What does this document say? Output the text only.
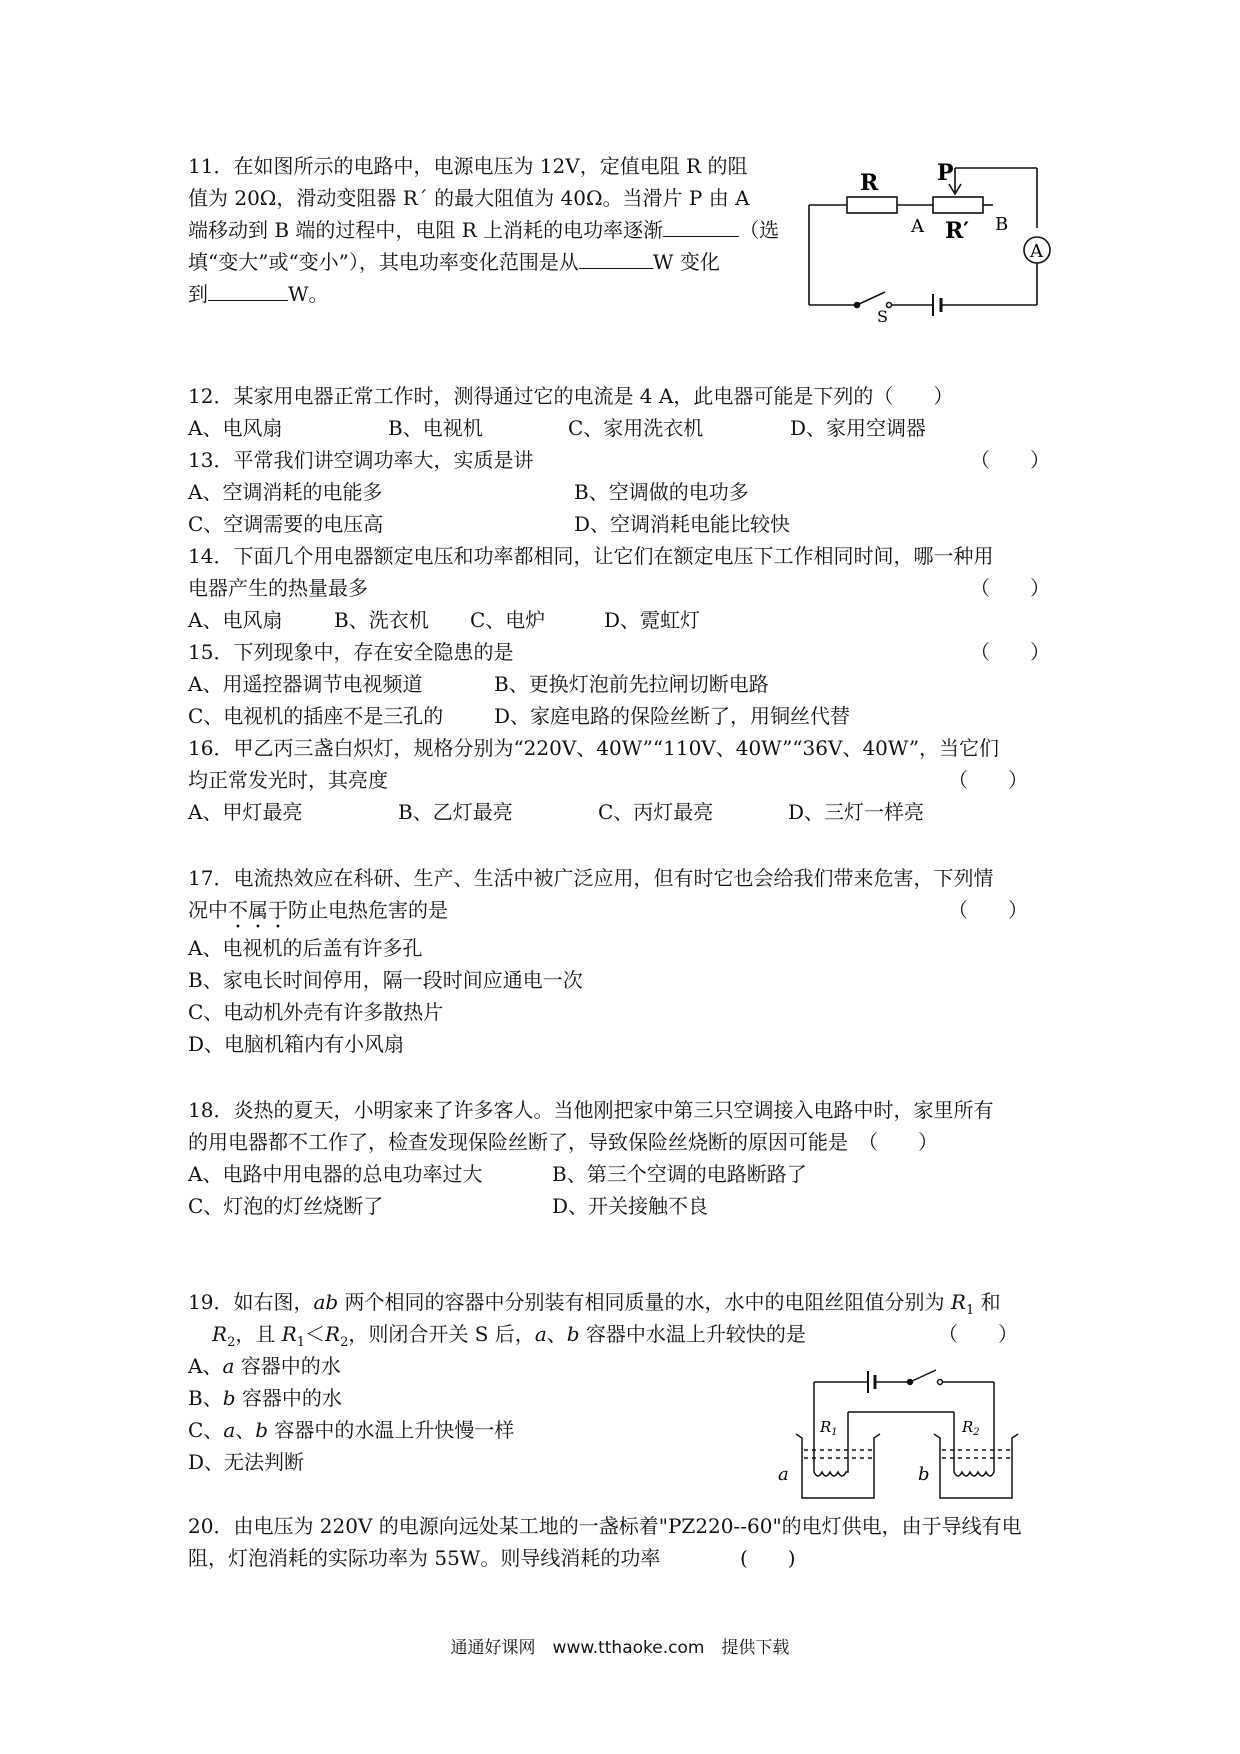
11．在如图所示的电路中，电源电压为 12V，定值电阻 R 的阻
值为 20Ω，滑动变阻器 R´ 的最大阻值为 40Ω。当滑片 P 由 A
端移动到 B 端的过程中，电阻 R 上消耗的电功率逐渐	（选
填“变大”或“变小”），其电功率变化范围是从	W 变化
到	W。
R	P
A R′ B
A
S
12．某家用电器正常工作时，测得通过它的电流是 4 A，此电器可能是下列的（　　）
A、电风扇	B、电视机	C、家用洗衣机	D、家用空调器
13．平常我们讲空调功率大，实质是讲	（　　）
A、空调消耗的电能多	B、空调做的电功多
C、空调需要的电压高	D、空调消耗电能比较快
14．下面几个用电器额定电压和功率都相同，让它们在额定电压下工作相同时间，哪一种用
电器产生的热量最多	（　　）
A、电风扇	B、洗衣机 C、电炉	D、霓虹灯
15．下列现象中，存在安全隐患的是	（　　）
A、用遥控器调节电视频道	B、更换灯泡前先拉闸切断电路
C、电视机的插座不是三孔的	D、家庭电路的保险丝断了，用铜丝代替
16．甲乙丙三盏白炽灯，规格分别为“220V、40W”“110V、40W”“36V、40W”，当它们
均正常发光时，其亮度	（　　）
A、甲灯最亮	B、乙灯最亮	C、丙灯最亮	D、三灯一样亮
17．电流热效应在科研、生产、生活中被广泛应用，但有时它也会给我们带来危害，下列情
况中不属于防止电热危害的是	（　　）
A、电视机的后盖有许多孔
B、家电长时间停用，隔一段时间应通电一次
C、电动机外壳有许多散热片
D、电脑机箱内有小风扇
18．炎热的夏天，小明家来了许多客人。当他刚把家中第三只空调接入电路中时，家里所有
的用电器都不工作了，检查发现保险丝断了，导致保险丝烧断的原因可能是　（　　）
A、电路中用电器的总电功率过大	B、第三个空调的电路断路了
C、灯泡的灯丝烧断了	D、开关接触不良
19．如右图，ab 两个相同的容器中分别装有相同质量的水，水中的电阻丝阻值分别为 $R_1$ 和
$R_2$，且 $R_1<R_2$，则闭合开关 S 后，a、b 容器中水温上升较快的是	（　　）
A、a 容器中的水
B、b 容器中的水
C、a、b 容器中的水温上升快慢一样
D、无法判断
$R_1$	$R_2$
a	b
20．由电压为 220V 的电源向远处某工地的一盏标着"PZ220--60"的电灯供电，由于导线有电
阻，灯泡消耗的实际功率为 55W。则导线消耗的功率	(　　)
通通好课网　www.tthaoke.com　提供下载
